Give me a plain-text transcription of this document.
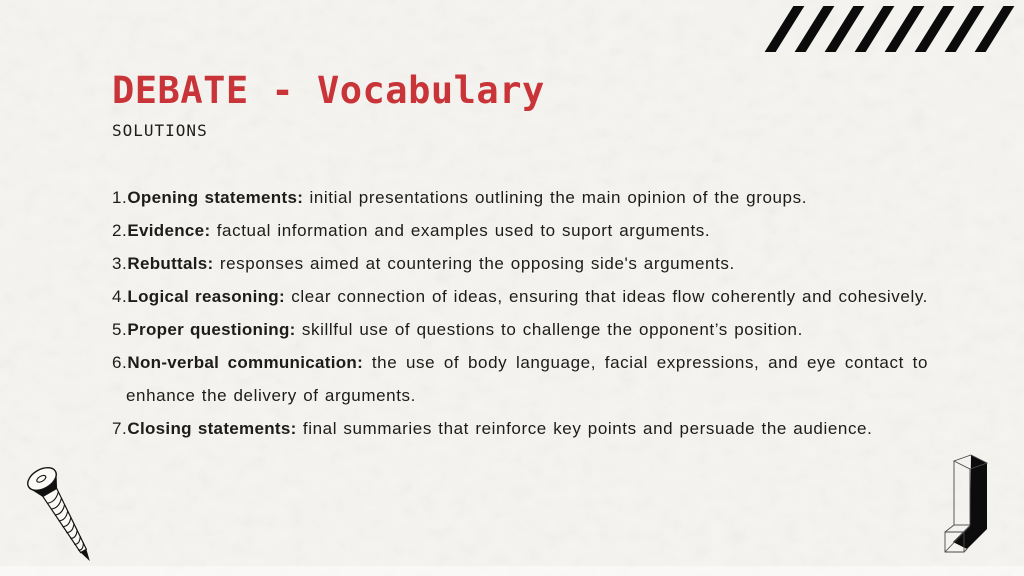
DEBATE - Vocabulary
SOLUTIONS
1.Opening statements: initial presentations outlining the main opinion of the groups.
2.Evidence: factual information and examples used to suport arguments.
3.Rebuttals: responses aimed at countering the opposing side's arguments.
4.Logical reasoning: clear connection of ideas, ensuring that ideas flow coherently and cohesively.
5.Proper questioning: skillful use of questions to challenge the opponent’s position.
6.Non-verbal communication: the use of body language, facial expressions, and eye contact to enhance the delivery of arguments.
7.Closing statements: final summaries that reinforce key points and persuade the audience.
